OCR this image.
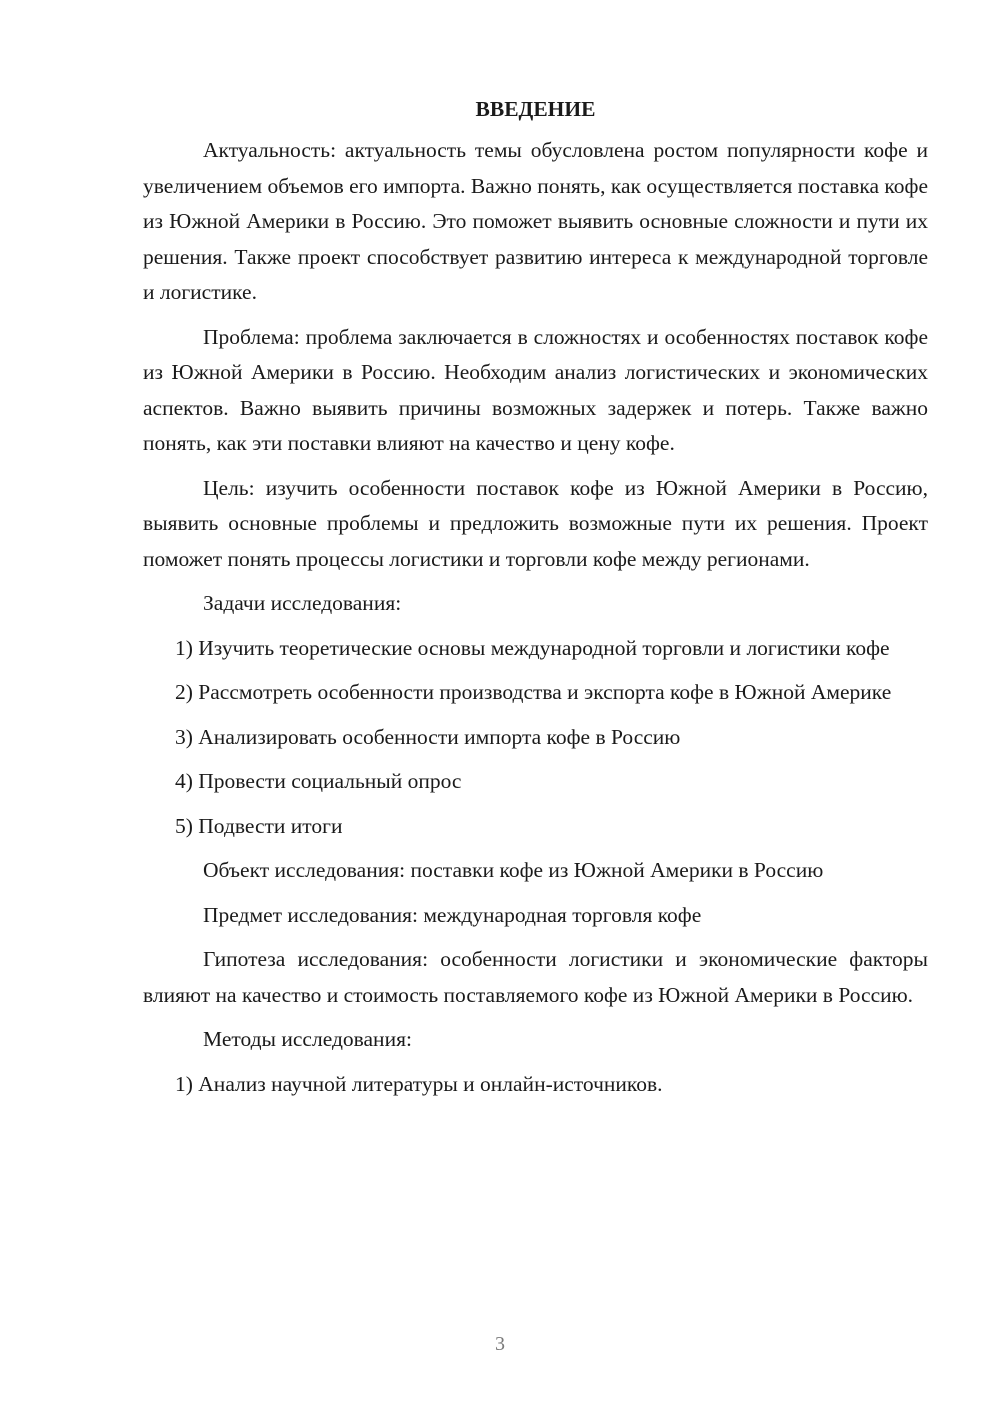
ВВЕДЕНИЕ

Актуальность: актуальность темы обусловлена ростом популярности кофе и увеличением объемов его импорта. Важно понять, как осуществляется поставка кофе из Южной Америки в Россию. Это поможет выявить основные сложности и пути их решения. Также проект способствует развитию интереса к международной торговле и логистике.

Проблема: проблема заключается в сложностях и особенностях поставок кофе из Южной Америки в Россию. Необходим анализ логистических и экономических аспектов. Важно выявить причины возможных задержек и потерь. Также важно понять, как эти поставки влияют на качество и цену кофе.

Цель: изучить особенности поставок кофе из Южной Америки в Россию, выявить основные проблемы и предложить возможные пути их решения. Проект поможет понять процессы логистики и торговли кофе между регионами.

Задачи исследования:

1) Изучить теоретические основы международной торговли и логистики кофе

2) Рассмотреть особенности производства и экспорта кофе в Южной Америке

3) Анализировать особенности импорта кофе в Россию

4) Провести социальный опрос

5) Подвести итоги

Объект исследования: поставки кофе из Южной Америки в Россию

Предмет исследования: международная торговля кофе

Гипотеза исследования: особенности логистики и экономические факторы влияют на качество и стоимость поставляемого кофе из Южной Америки в Россию.

Методы исследования:

1) Анализ научной литературы и онлайн-источников.

3
